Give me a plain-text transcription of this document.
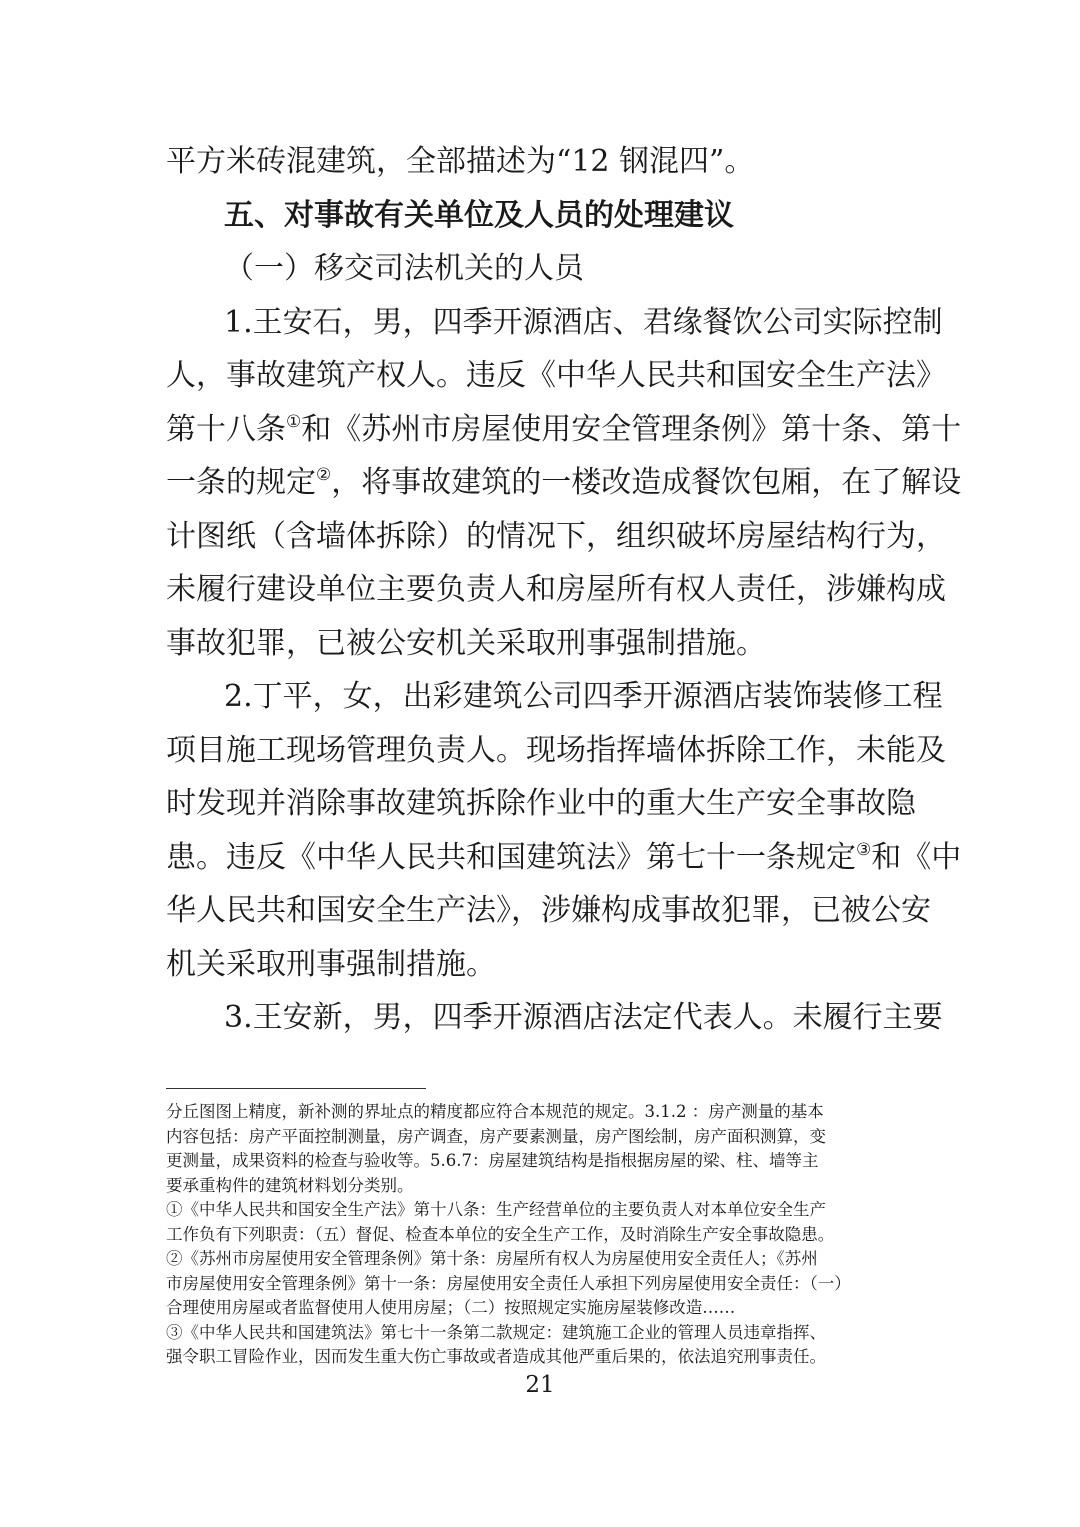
平方米砖混建筑，全部描述为“12 钢混四”。
五、对事故有关单位及人员的处理建议
（一）移交司法机关的人员
1.王安石，男，四季开源酒店、君缘餐饮公司实际控制
人，事故建筑产权人。违反《中华人民共和国安全生产法》
第十八条①和《苏州市房屋使用安全管理条例》第十条、第十
一条的规定②，将事故建筑的一楼改造成餐饮包厢，在了解设
计图纸（含墙体拆除）的情况下，组织破坏房屋结构行为，
未履行建设单位主要负责人和房屋所有权人责任，涉嫌构成
事故犯罪，已被公安机关采取刑事强制措施。
2.丁平，女，出彩建筑公司四季开源酒店装饰装修工程
项目施工现场管理负责人。现场指挥墙体拆除工作，未能及
时发现并消除事故建筑拆除作业中的重大生产安全事故隐
患。违反《中华人民共和国建筑法》第七十一条规定③和《中
华人民共和国安全生产法》，涉嫌构成事故犯罪，已被公安
机关采取刑事强制措施。
3.王安新，男，四季开源酒店法定代表人。未履行主要
分丘图图上精度，新补测的界址点的精度都应符合本规范的规定。3.1.2 ：房产测量的基本
内容包括：房产平面控制测量，房产调查，房产要素测量，房产图绘制，房产面积测算，变
更测量，成果资料的检查与验收等。5.6.7：房屋建筑结构是指根据房屋的梁、柱、墙等主
要承重构件的建筑材料划分类别。
①《中华人民共和国安全生产法》第十八条：生产经营单位的主要负责人对本单位安全生产
工作负有下列职责：（五）督促、检查本单位的安全生产工作，及时消除生产安全事故隐患。
②《苏州市房屋使用安全管理条例》第十条：房屋所有权人为房屋使用安全责任人；《苏州
市房屋使用安全管理条例》第十一条：房屋使用安全责任人承担下列房屋使用安全责任：（一）
合理使用房屋或者监督使用人使用房屋；（二）按照规定实施房屋装修改造……
③《中华人民共和国建筑法》第七十一条第二款规定：建筑施工企业的管理人员违章指挥、
强令职工冒险作业，因而发生重大伤亡事故或者造成其他严重后果的，依法追究刑事责任。
21
